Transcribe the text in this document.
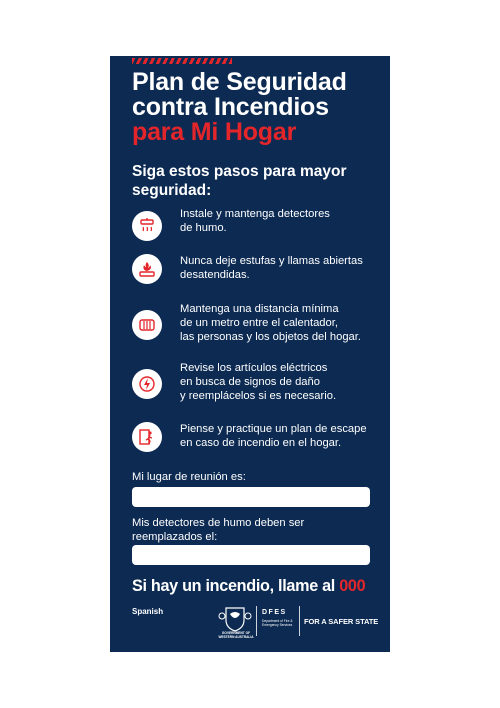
Plan de Seguridad
contra Incendios
para Mi Hogar
Siga estos pasos para mayor seguridad:
Instale y mantenga detectores
de humo.
Nunca deje estufas y llamas abiertas
desatendidas.
Mantenga una distancia mínima
de un metro entre el calentador,
las personas y los objetos del hogar.
Revise los artículos eléctricos
en busca de signos de daño
y reemplácelos si es necesario.
Piense y practique un plan de escape
en caso de incendio en el hogar.
Mi lugar de reunión es:
Mis detectores de humo deben ser
reemplazados el:
Si hay un incendio, llame al 000
Spanish
GOVERNMENT OF WESTERN AUSTRALIA
DFES
Department of Fire & Emergency Services	FOR A SAFER STATE
